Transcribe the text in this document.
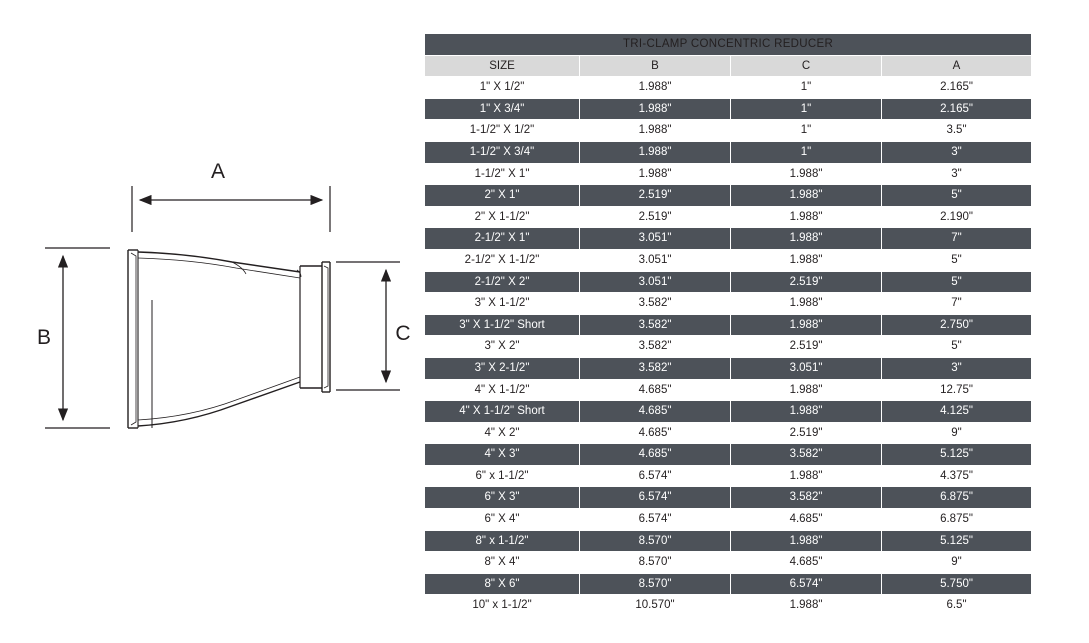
A
B	C
TRI-CLAMP CONCENTRIC REDUCER			
SIZE	B	C	A
1" X 1/2"	1.988"	1"	2.165"
1" X 3/4"	1.988"	1"	2.165"
1-1/2" X 1/2"	1.988"	1"	3.5"
1-1/2" X 3/4"	1.988"	1"	3"
1-1/2" X 1"	1.988"	1.988"	3"
2" X 1"	2.519"	1.988"	5"
2" X 1-1/2"	2.519"	1.988"	2.190"
2-1/2" X 1"	3.051"	1.988"	7"
2-1/2" X 1-1/2"	3.051"	1.988"	5"
2-1/2" X 2"	3.051"	2.519"	5"
3" X 1-1/2"	3.582"	1.988"	7"
3" X 1-1/2" Short	3.582"	1.988"	2.750"
3" X 2"	3.582"	2.519"	5"
3" X 2-1/2"	3.582"	3.051"	3"
4" X 1-1/2"	4.685"	1.988"	12.75"
4" X 1-1/2" Short	4.685"	1.988"	4.125"
4" X 2"	4.685"	2.519"	9"
4" X 3"	4.685"	3.582"	5.125"
6" x 1-1/2"	6.574"	1.988"	4.375"
6" X 3"	6.574"	3.582"	6.875"
6" X 4"	6.574"	4.685"	6.875"
8" x 1-1/2"	8.570"	1.988"	5.125"
8" X 4"	8.570"	4.685"	9"
8" X 6"	8.570"	6.574"	5.750"
10" x 1-1/2"	10.570"	1.988"	6.5"
